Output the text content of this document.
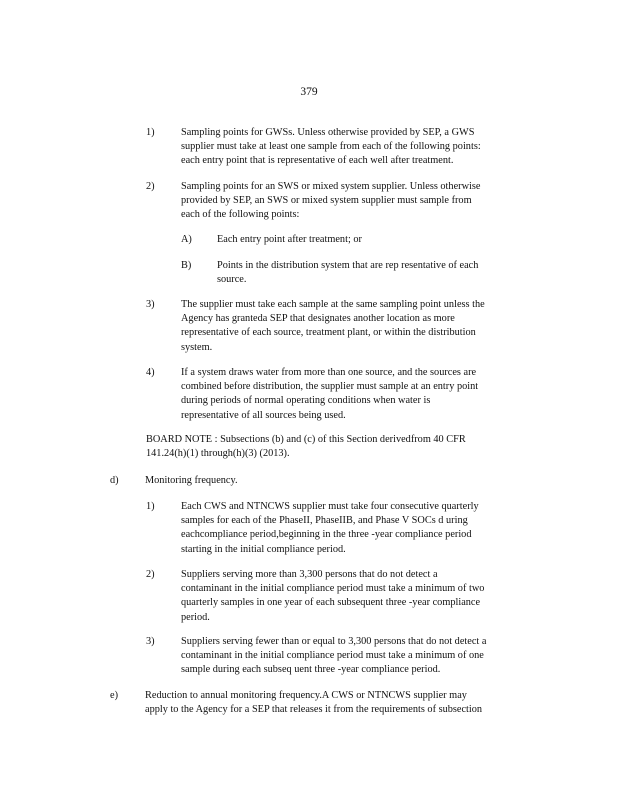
379
1)	Sampling points for GWSs. Unless otherwise provided by SEP, a GWS
supplier must take at least one sample from each of the following points:
each entry point that is representative of each well after treatment.
2)	Sampling points for an SWS or mixed system supplier. Unless otherwise
provided by SEP, an SWS or mixed system supplier must sample from
each of the following points:
A) Each entry point after treatment; or
B) Points in the distribution system that are rep resentative of each
source.
3)	The supplier must take each sample at the same sampling point unless the
Agency has granteda SEP that designates another location as more
representative of each source, treatment plant, or within the distribution
system.
4)	If a system draws water from more than one source, and the sources are
combined before distribution, the supplier must sample at an entry point
during periods of normal operating conditions when water is
representative of all sources being used.
BOARD NOTE : Subsections (b) and (c) of this Section derivedfrom 40 CFR
141.24(h)(1) through(h)(3) (2013).
d)	Monitoring frequency.
1)	Each CWS and NTNCWS supplier must take four consecutive quarterly
samples for each of the PhaseII, PhaseIIB, and Phase V SOCs d uring
eachcompliance period,beginning in the three -year compliance period
starting in the initial compliance period.
2)	Suppliers serving more than 3,300 persons that do not detect a
contaminant in the initial compliance period must take a minimum of two
quarterly samples in one year of each subsequent three -year compliance
period.
3)	Suppliers serving fewer than or equal to 3,300 persons that do not detect a
contaminant in the initial compliance period must take a minimum of one
sample during each subseq uent three -year compliance period.
e)	Reduction to annual monitoring frequency.A CWS or NTNCWS supplier may
apply to the Agency for a SEP that releases it from the requirements of subsection
